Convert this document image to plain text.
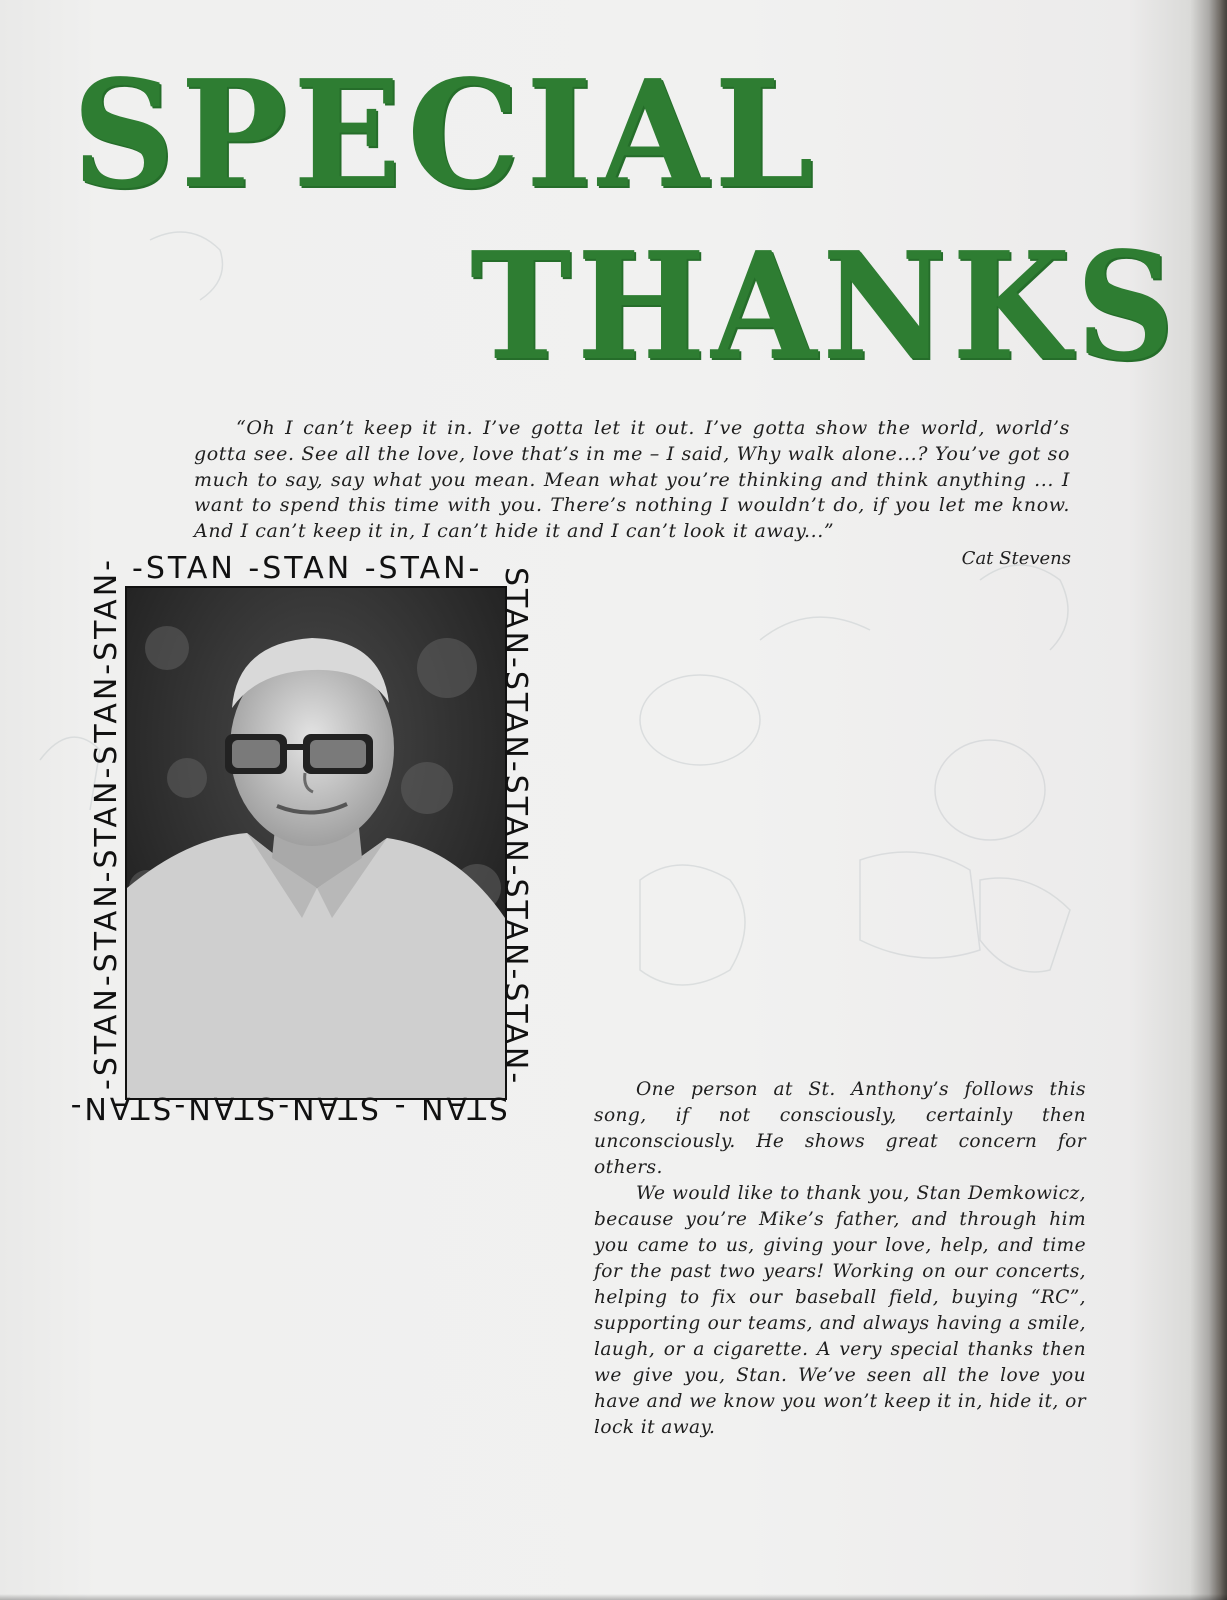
SPECIAL
THANKS

“Oh I can’t keep it in. I’ve gotta let it out. I’ve gotta show the world, world’s gotta see. See all the love, love that’s in me – I said, Why walk alone...? You’ve got so much to say, say what you mean. Mean what you’re thinking and think anything ... I want to spend this time with you. There’s nothing I wouldn’t do, if you let me know. And I can’t keep it in, I can’t hide it and I can’t look it away...”

Cat Stevens

-STAN -STAN -STAN- STAN-STAN-STAN-STAN-STAN-

STAN - STAN-STAN-STAN-

-STAN-STAN-STAN-STAN-STAN-	One person at St. Anthony’s follows this song, if not consciously, certainly then unconsciously. He shows great concern for others.
We would like to thank you, Stan Demkowicz, because you’re Mike’s father, and through him you came to us, giving your love, help, and time for the past two years! Working on our concerts, helping to fix our baseball field, buying “RC”, supporting our teams, and always having a smile, laugh, or a cigarette. A very special thanks then we give you, Stan. We’ve seen all the love you have and we know you won’t keep it in, hide it, or lock it away.
